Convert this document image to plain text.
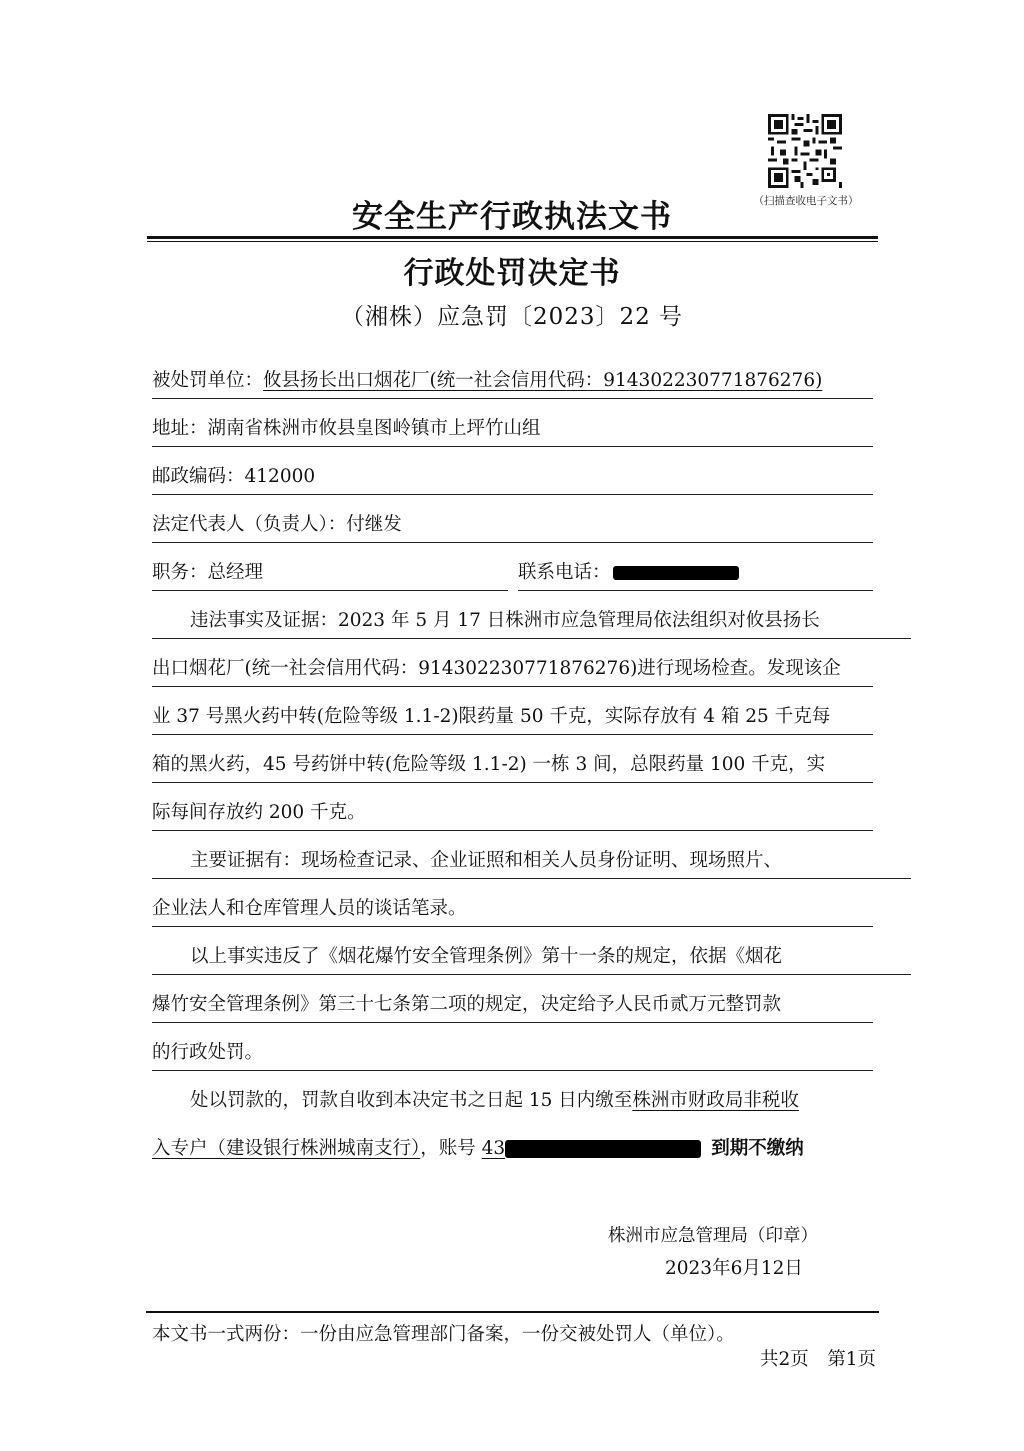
（扫描查收电子文书）
安全生产行政执法文书
行政处罚决定书
（湘株）应急罚〔2023〕22 号
被处罚单位：攸县扬长出口烟花厂(统一社会信用代码：914302230771876276)
地址：湖南省株洲市攸县皇图岭镇市上坪竹山组
邮政编码：412000
法定代表人（负责人）：付继发
职务：总经理	联系电话：
违法事实及证据：2023 年 5 月 17 日株洲市应急管理局依法组织对攸县扬长
出口烟花厂(统一社会信用代码：914302230771876276)进行现场检查。发现该企
业 37 号黑火药中转(危险等级 1.1-2)限药量 50 千克，实际存放有 4 箱 25 千克每
箱的黑火药，45 号药饼中转(危险等级 1.1-2) 一栋 3 间，总限药量 100 千克，实
际每间存放约 200 千克。
主要证据有：现场检查记录、企业证照和相关人员身份证明、现场照片、
企业法人和仓库管理人员的谈话笔录。
以上事实违反了《烟花爆竹安全管理条例》第十一条的规定，依据《烟花
爆竹安全管理条例》第三十七条第二项的规定，决定给予人民币贰万元整罚款
的行政处罚。
处以罚款的，罚款自收到本决定书之日起 15 日内缴至株洲市财政局非税收
入专户（建设银行株洲城南支行），账号 43	到期不缴纳
株洲市应急管理局（印章）
2023年6月12日
本文书一式两份：一份由应急管理部门备案，一份交被处罚人（单位）。
共2页　第1页
